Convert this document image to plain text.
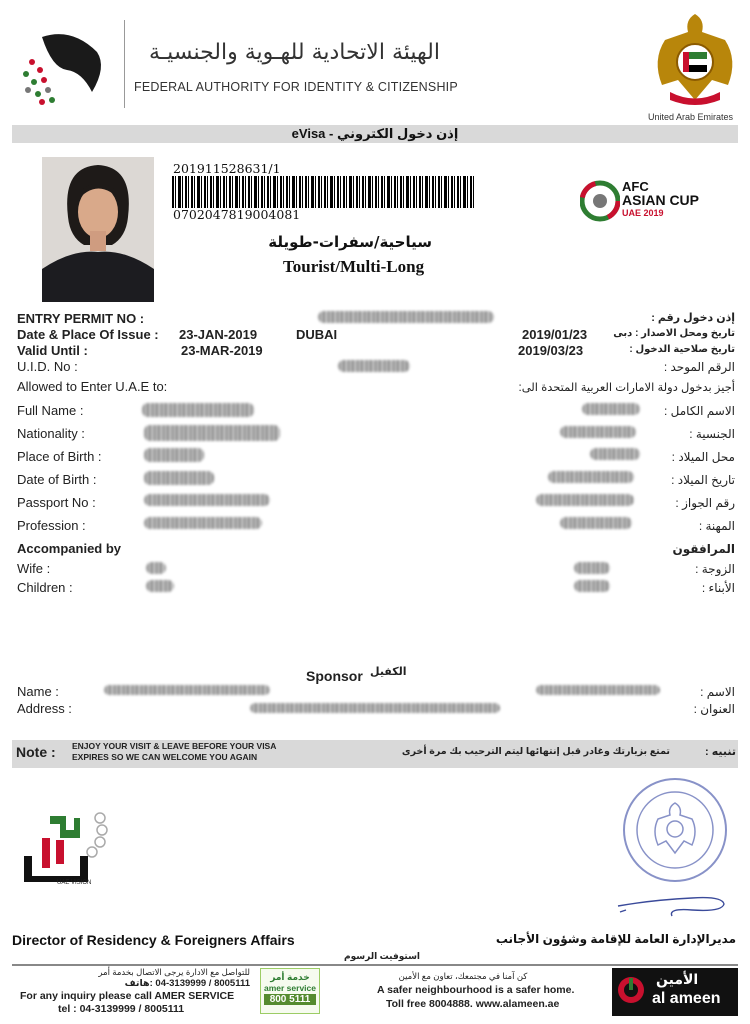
الهيئة الاتحادية للهـوية والجنسيـة
FEDERAL AUTHORITY FOR IDENTITY & CITIZENSHIP
United Arab Emirates
eVisa - إذن دخول الكتروني
201911528631/1
0702047819004081
AFC
ASIAN CUP
UAE 2019
سياحية/سفرات-طويلة
Tourist/Multi-Long
ENTRY PERMIT NO :	إذن دخول رقم :
Date & Place Of Issue : 23-JAN-2019	DUBAI	2019/01/23	تاريخ ومحل الاصدار : دبى
Valid Until :	23-MAR-2019	2019/03/23	تاريخ صلاحية الدخول :
U.I.D. No :	الرقم الموحد :
Allowed to Enter U.A.E to:	أجيز بدخول دولة الامارات العربية المتحدة الى:
Full Name :	الاسم الكامل :
Nationality :	الجنسية :
Place of Birth :	محل الميلاد :
Date of Birth :	تاريخ الميلاد :
Passport No :	رقم الجواز :
Profession :	المهنة :
Accompanied by	المرافقون
Wife :	الزوجة :
Children :	الأبناء :
Sponsor الكفيل
Name :	الاسم :
Address :	العنوان :
Note : ENJOY YOUR VISIT & LEAVE BEFORE YOUR VISA
EXPIRES SO WE CAN WELCOME YOU AGAIN	تمتع بزيارتك وغادر قبل إنتهائها ليتم الترحيب بك مرة أخرى	تنبيه :
UAE VISION
Director of Residency & Foreigners Affairs	مديرالإدارة العامة للإقامة وشؤون الأجانب
استوفيت الرسوم
للتواصل مع الادارة يرجى الاتصال بخدمة أمر
8005111 / 04-3139999 :هاتف
For any inquiry please call AMER SERVICE
tel : 04-3139999 / 8005111
خدمة أمر
amer service
800 5111
كن آمنا في مجتمعك، تعاون مع الأمين
A safer neighbourhood is a safer home.
Toll free 8004888. www.alameen.ae
الأمين
al ameen
